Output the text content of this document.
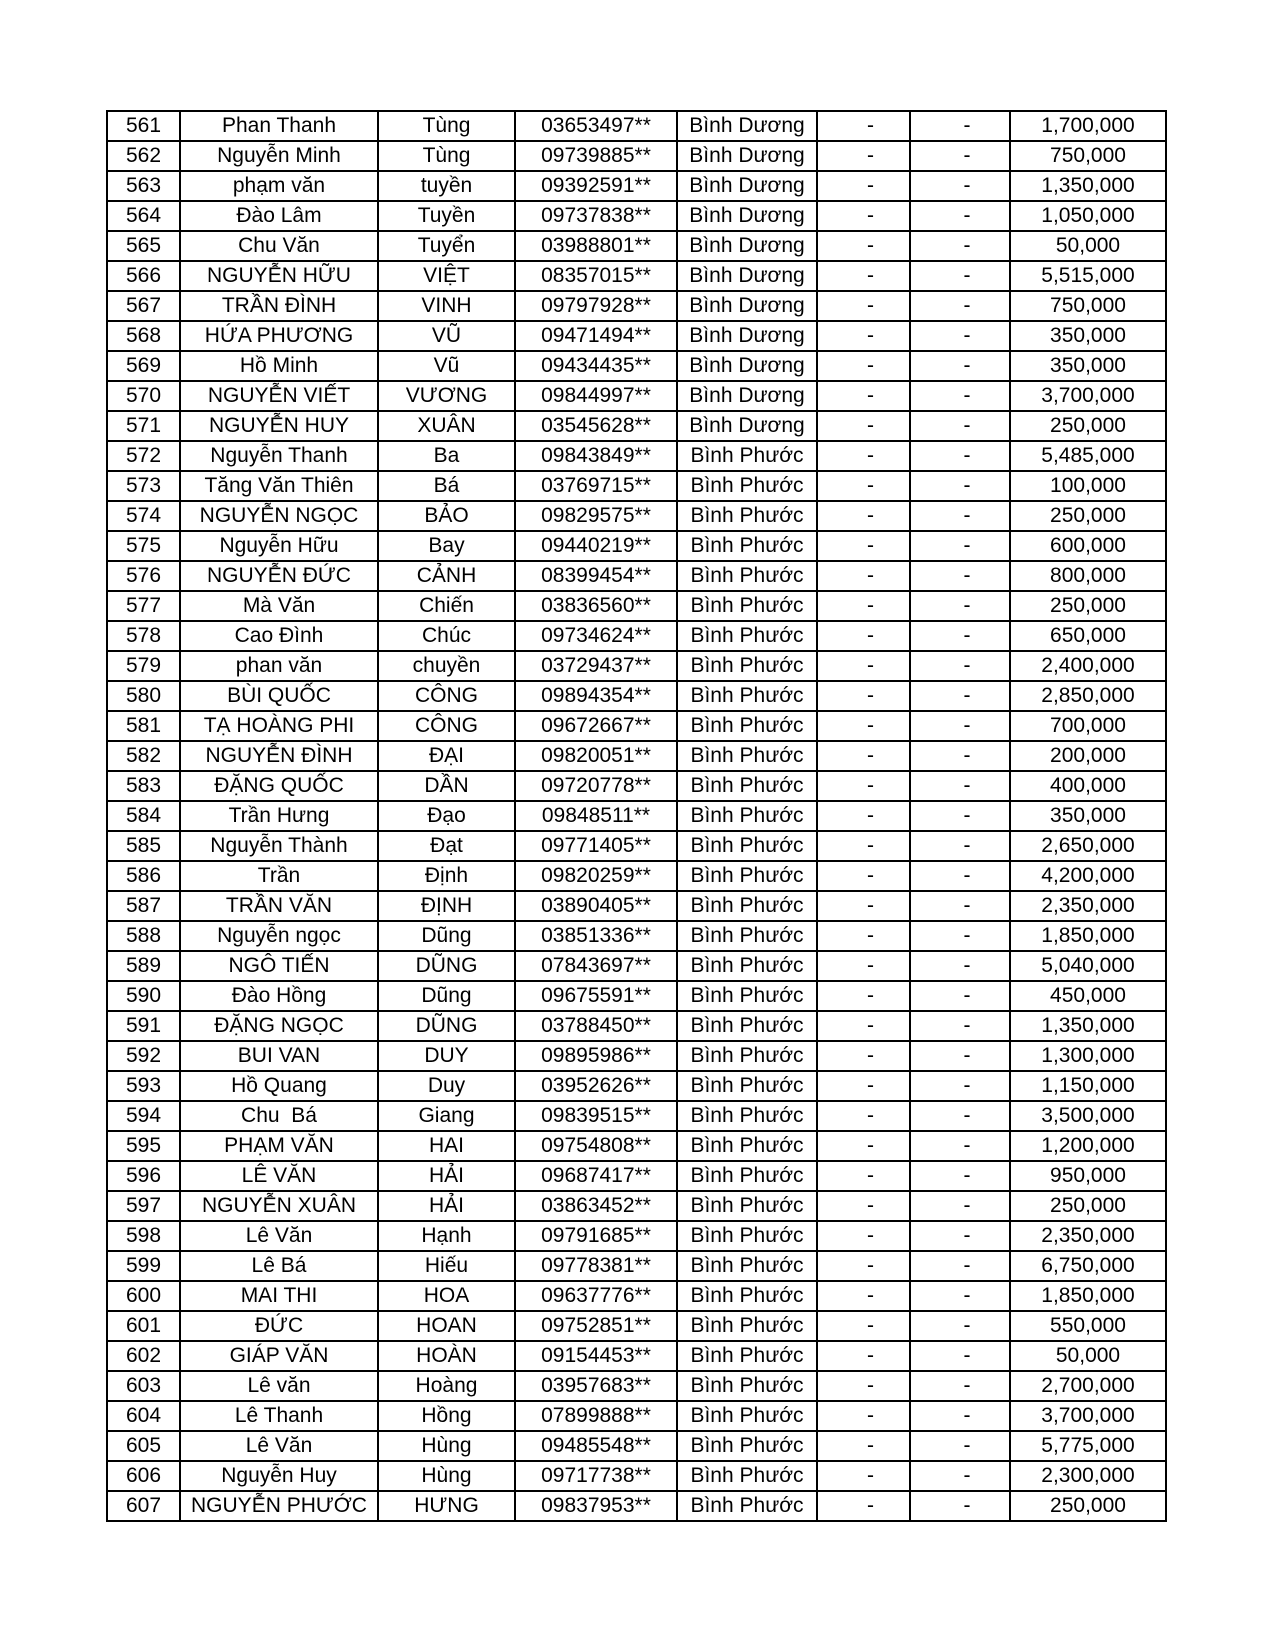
561	Phan Thanh	Tùng	03653497**	Bình Dương	-	-	1,700,000
562	Nguyễn Minh	Tùng	09739885**	Bình Dương	-	-	750,000
563	phạm văn	tuyền	09392591**	Bình Dương	-	-	1,350,000
564	Đào Lâm	Tuyền	09737838**	Bình Dương	-	-	1,050,000
565	Chu Văn	Tuyển	03988801**	Bình Dương	-	-	50,000
566	NGUYỄN HỮU	VIỆT	08357015**	Bình Dương	-	-	5,515,000
567	TRẦN ĐÌNH	VINH	09797928**	Bình Dương	-	-	750,000
568	HỨA PHƯƠNG	VŨ	09471494**	Bình Dương	-	-	350,000
569	Hồ Minh	Vũ	09434435**	Bình Dương	-	-	350,000
570	NGUYỄN VIẾT	VƯƠNG	09844997**	Bình Dương	-	-	3,700,000
571	NGUYỄN HUY	XUÂN	03545628**	Bình Dương	-	-	250,000
572	Nguyễn Thanh	Ba	09843849**	Bình Phước	-	-	5,485,000
573	Tăng Văn Thiên	Bá	03769715**	Bình Phước	-	-	100,000
574	NGUYỄN NGỌC	BẢO	09829575**	Bình Phước	-	-	250,000
575	Nguyễn Hữu	Bay	09440219**	Bình Phước	-	-	600,000
576	NGUYỄN ĐỨC	CẢNH	08399454**	Bình Phước	-	-	800,000
577	Mà Văn	Chiến	03836560**	Bình Phước	-	-	250,000
578	Cao Đình	Chúc	09734624**	Bình Phước	-	-	650,000
579	phan văn	chuyền	03729437**	Bình Phước	-	-	2,400,000
580	BÙI QUỐC	CÔNG	09894354**	Bình Phước	-	-	2,850,000
581	TẠ HOÀNG PHI	CÔNG	09672667**	Bình Phước	-	-	700,000
582	NGUYỄN ĐÌNH	ĐẠI	09820051**	Bình Phước	-	-	200,000
583	ĐẶNG QUỐC	DẦN	09720778**	Bình Phước	-	-	400,000
584	Trần Hưng	Đạo	09848511**	Bình Phước	-	-	350,000
585	Nguyễn Thành	Đạt	09771405**	Bình Phước	-	-	2,650,000
586	Trần	Định	09820259**	Bình Phước	-	-	4,200,000
587	TRẦN VĂN	ĐỊNH	03890405**	Bình Phước	-	-	2,350,000
588	Nguyễn ngọc	Dũng	03851336**	Bình Phước	-	-	1,850,000
589	NGÔ TIẾN	DŨNG	07843697**	Bình Phước	-	-	5,040,000
590	Đào Hồng	Dũng	09675591**	Bình Phước	-	-	450,000
591	ĐẶNG NGỌC	DŨNG	03788450**	Bình Phước	-	-	1,350,000
592	BUI VAN	DUY	09895986**	Bình Phước	-	-	1,300,000
593	Hồ Quang	Duy	03952626**	Bình Phước	-	-	1,150,000
594	Chu  Bá	Giang	09839515**	Bình Phước	-	-	3,500,000
595	PHẠM VĂN	HAI	09754808**	Bình Phước	-	-	1,200,000
596	LÊ VĂN	HẢI	09687417**	Bình Phước	-	-	950,000
597	NGUYỄN XUÂN	HẢI	03863452**	Bình Phước	-	-	250,000
598	Lê Văn	Hạnh	09791685**	Bình Phước	-	-	2,350,000
599	Lê Bá	Hiếu	09778381**	Bình Phước	-	-	6,750,000
600	MAI THI	HOA	09637776**	Bình Phước	-	-	1,850,000
601	ĐỨC	HOAN	09752851**	Bình Phước	-	-	550,000
602	GIÁP VĂN	HOÀN	09154453**	Bình Phước	-	-	50,000
603	Lê văn	Hoàng	03957683**	Bình Phước	-	-	2,700,000
604	Lê Thanh	Hồng	07899888**	Bình Phước	-	-	3,700,000
605	Lê Văn	Hùng	09485548**	Bình Phước	-	-	5,775,000
606	Nguyễn Huy	Hùng	09717738**	Bình Phước	-	-	2,300,000
607	NGUYỄN PHƯỚC	HƯNG	09837953**	Bình Phước	-	-	250,000
